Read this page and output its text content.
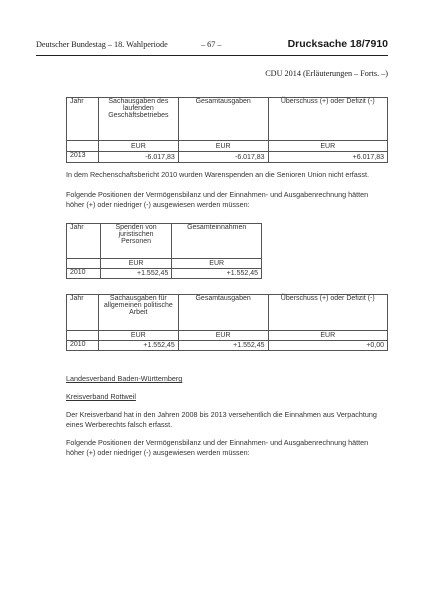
Deutscher Bundestag – 18. Wahlperiode	– 67 –	Drucksache 18/7910
CDU 2014 (Erläuterungen – Forts. –)
Jahr	Sachausgaben des laufenden Geschäftsbetriebes	Gesamtausgaben	Überschuss (+) oder Defizit (-)
	EUR	EUR	EUR
2013	-6.017,83	-6.017,83	+6.017,83

In dem Rechenschaftsbericht 2010 wurden Warenspenden an die Senioren Union nicht erfasst.

Folgende Positionen der Vermögensbilanz und der Einnahmen- und Ausgabenrechnung hätten höher (+) oder niedriger (-) ausgewiesen werden müssen:

Jahr	Spenden von juristischen Personen	Gesamteinnahmen
	EUR	EUR
2010	+1.552,45	+1.552,45
Jahr	Sachausgaben für allgemeinen politische Arbeit	Gesamtausgaben	Überschuss (+) oder Defizit (-)
	EUR	EUR	EUR
2010	+1.552,45	+1.552,45	+0,00

Landesverband Baden-Württemberg

Kreisverband Rottweil

Der Kreisverband hat in den Jahren 2008 bis 2013 versehentlich die Einnahmen aus Verpachtung eines Werberechts falsch erfasst.

Folgende Positionen der Vermögensbilanz und der Einnahmen- und Ausgabenrechnung hätten höher (+) oder niedriger (-) ausgewiesen werden müssen:
